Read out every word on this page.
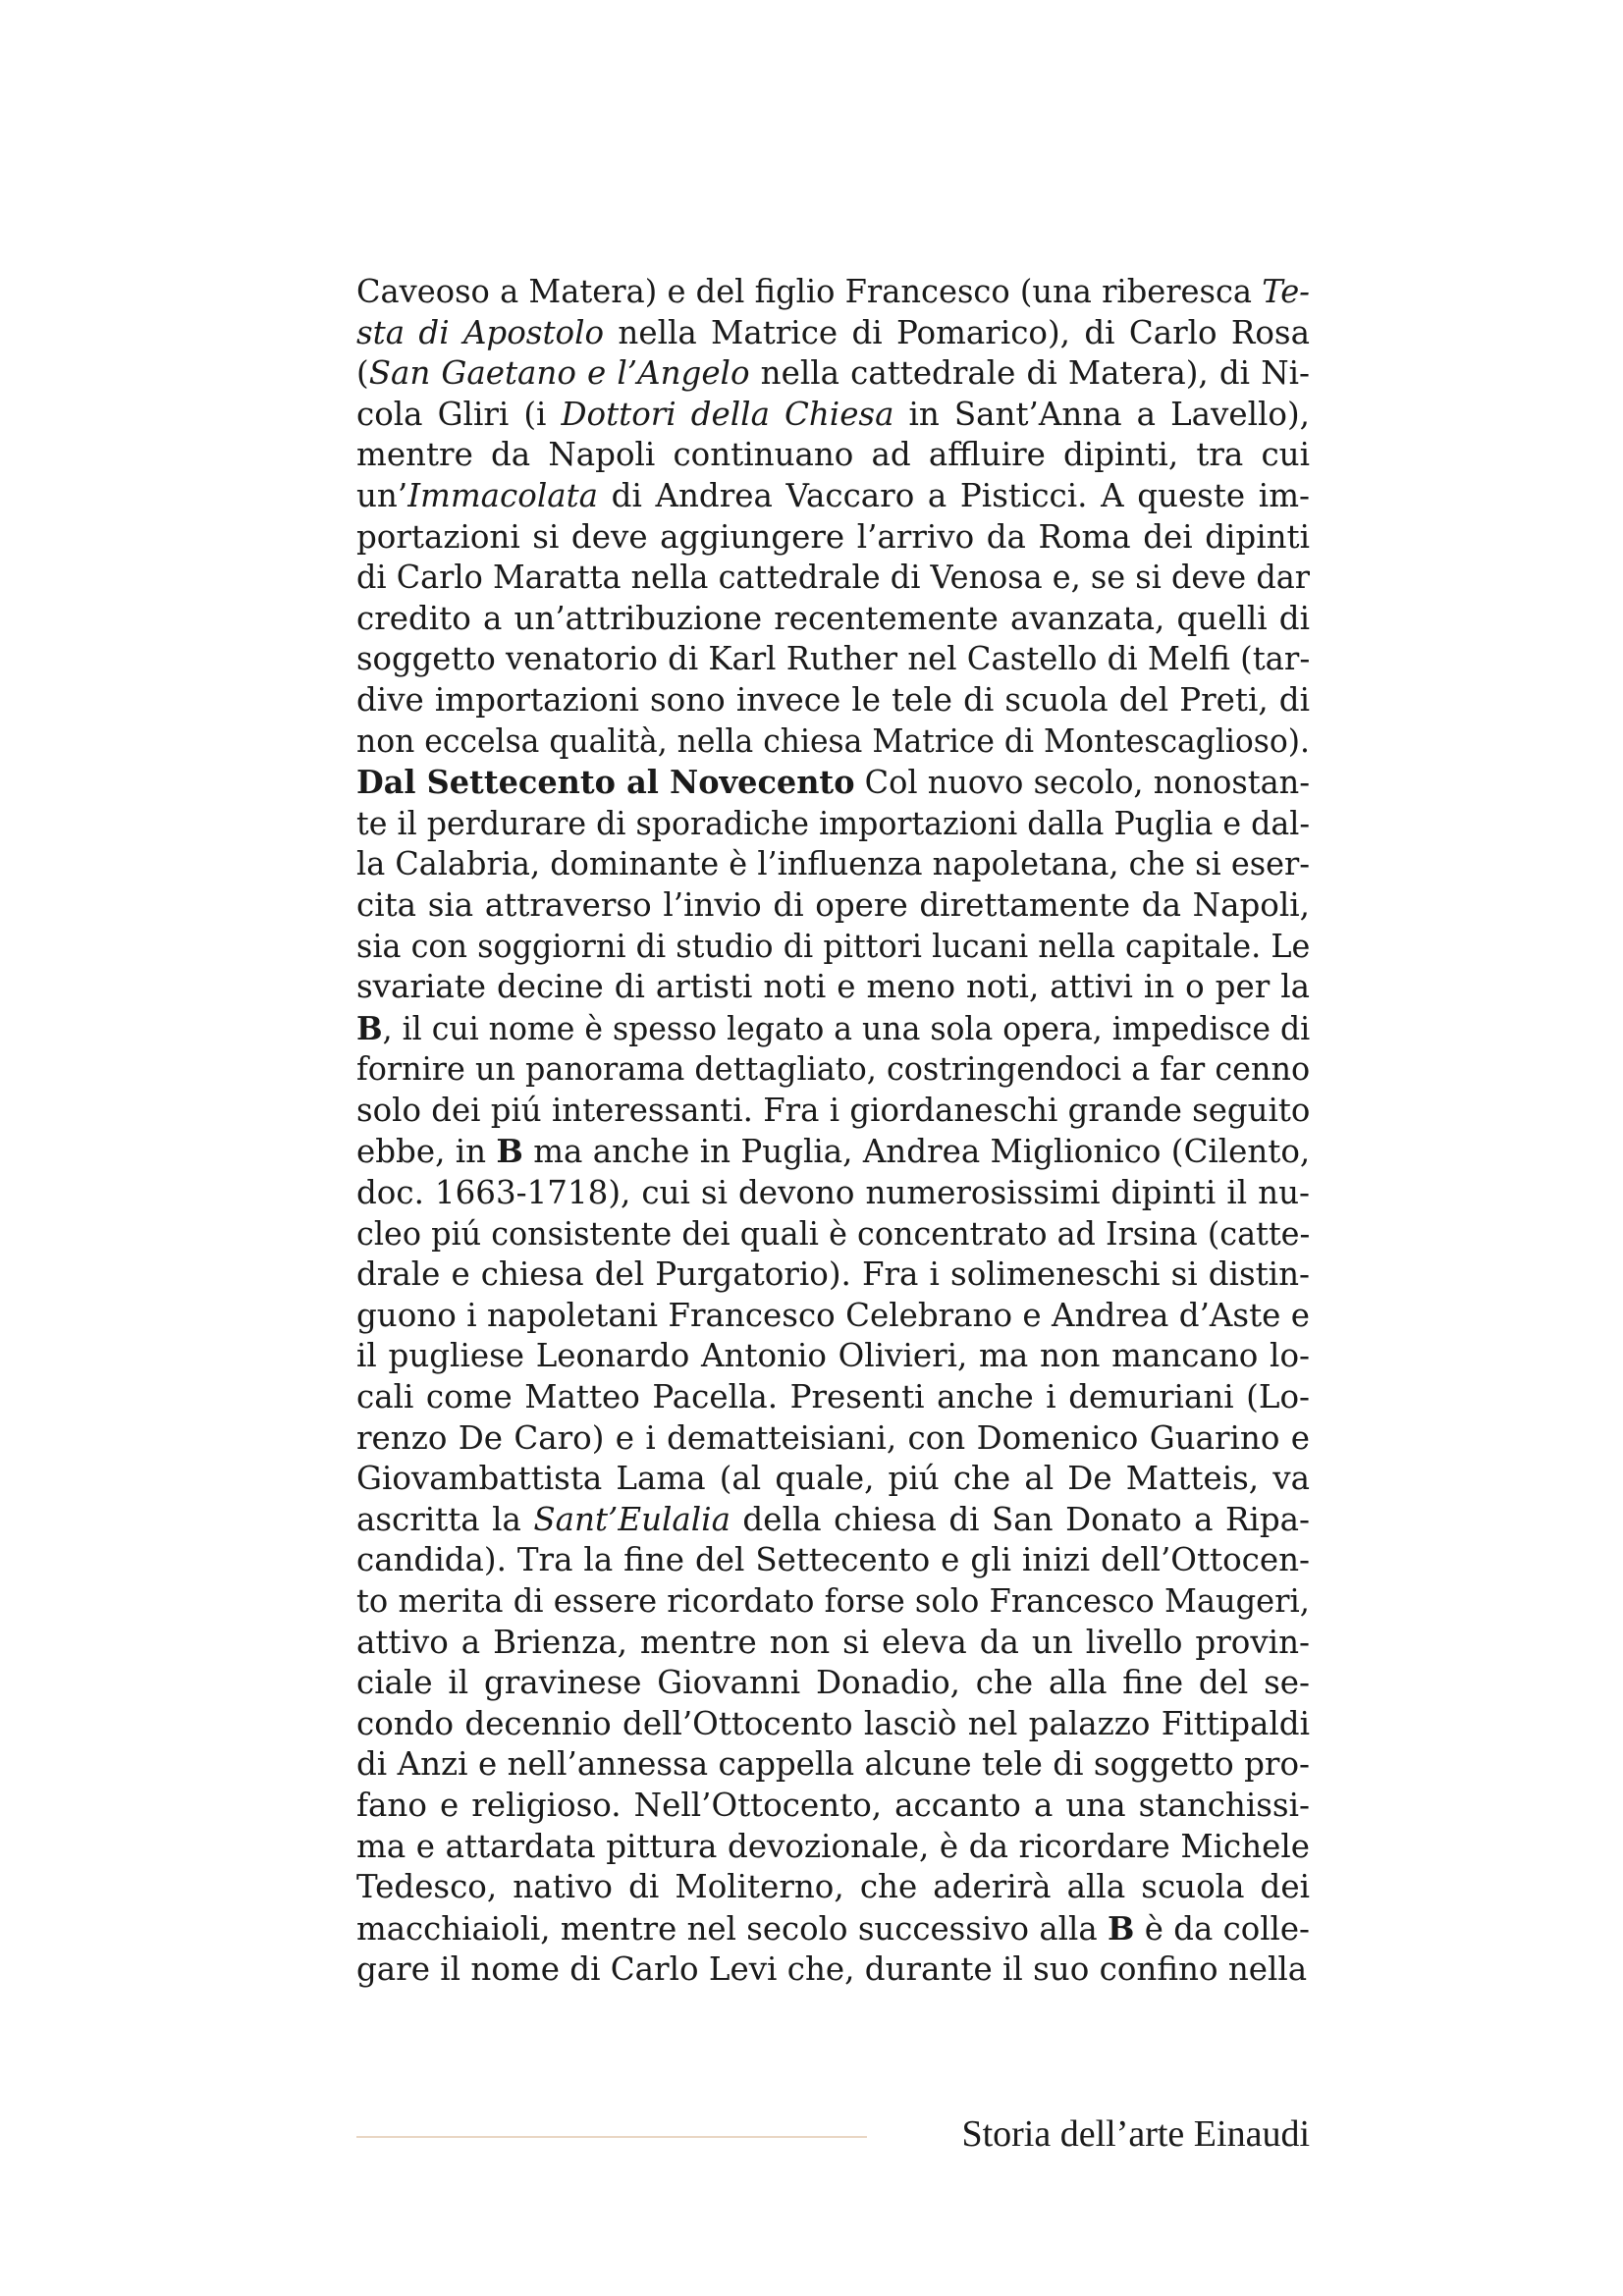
Caveoso a Matera) e del figlio Francesco (una riberesca Te-
sta di Apostolo nella Matrice di Pomarico), di Carlo Rosa
(San Gaetano e l’Angelo nella cattedrale di Matera), di Ni-
cola Gliri (i Dottori della Chiesa in Sant’Anna a Lavello),
mentre da Napoli continuano ad affluire dipinti, tra cui
un’Immacolata di Andrea Vaccaro a Pisticci. A queste im-
portazioni si deve aggiungere l’arrivo da Roma dei dipinti
di Carlo Maratta nella cattedrale di Venosa e, se si deve dar
credito a un’attribuzione recentemente avanzata, quelli di
soggetto venatorio di Karl Ruther nel Castello di Melfi (tar-
dive importazioni sono invece le tele di scuola del Preti, di
non eccelsa qualità, nella chiesa Matrice di Montescaglioso).
Dal Settecento al Novecento Col nuovo secolo, nonostan-
te il perdurare di sporadiche importazioni dalla Puglia e dal-
la Calabria, dominante è l’influenza napoletana, che si eser-
cita sia attraverso l’invio di opere direttamente da Napoli,
sia con soggiorni di studio di pittori lucani nella capitale. Le
svariate decine di artisti noti e meno noti, attivi in o per la
B, il cui nome è spesso legato a una sola opera, impedisce di
fornire un panorama dettagliato, costringendoci a far cenno
solo dei piú interessanti. Fra i giordaneschi grande seguito
ebbe, in B ma anche in Puglia, Andrea Miglionico (Cilento,
doc. 1663-1718), cui si devono numerosissimi dipinti il nu-
cleo piú consistente dei quali è concentrato ad Irsina (catte-
drale e chiesa del Purgatorio). Fra i solimeneschi si distin-
guono i napoletani Francesco Celebrano e Andrea d’Aste e
il pugliese Leonardo Antonio Olivieri, ma non mancano lo-
cali come Matteo Pacella. Presenti anche i demuriani (Lo-
renzo De Caro) e i dematteisiani, con Domenico Guarino e
Giovambattista Lama (al quale, piú che al De Matteis, va
ascritta la Sant’Eulalia della chiesa di San Donato a Ripa-
candida). Tra la fine del Settecento e gli inizi dell’Ottocen-
to merita di essere ricordato forse solo Francesco Maugeri,
attivo a Brienza, mentre non si eleva da un livello provin-
ciale il gravinese Giovanni Donadio, che alla fine del se-
condo decennio dell’Ottocento lasciò nel palazzo Fittipaldi
di Anzi e nell’annessa cappella alcune tele di soggetto pro-
fano e religioso. Nell’Ottocento, accanto a una stanchissi-
ma e attardata pittura devozionale, è da ricordare Michele
Tedesco, nativo di Moliterno, che aderirà alla scuola dei
macchiaioli, mentre nel secolo successivo alla B è da colle-
gare il nome di Carlo Levi che, durante il suo confino nella
Storia dell’arte Einaudi
